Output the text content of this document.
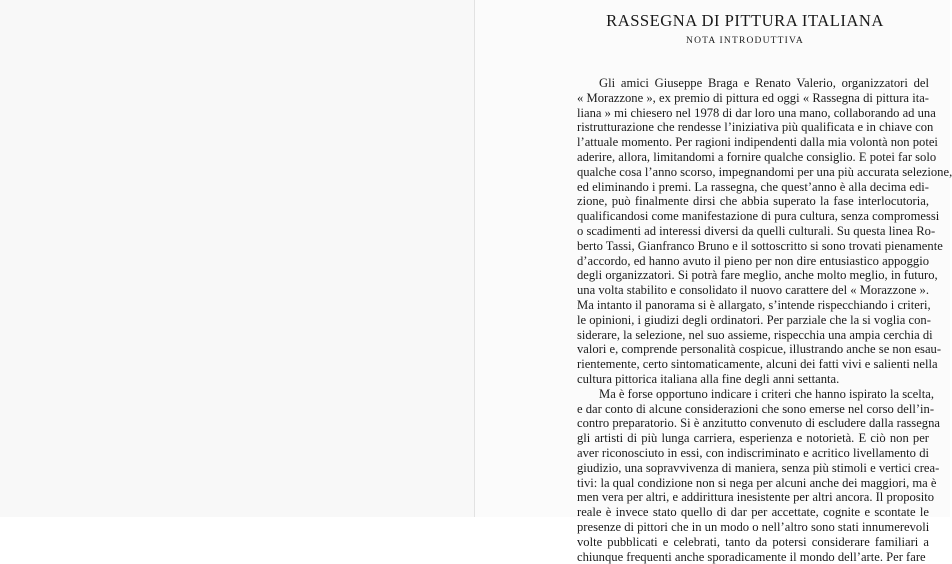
RASSEGNA DI PITTURA ITALIANA
NOTA INTRODUTTIVA
Gli amici Giuseppe Braga e Renato Valerio, organizzatori del
« Morazzone », ex premio di pittura ed oggi « Rassegna di pittura ita-
liana » mi chiesero nel 1978 di dar loro una mano, collaborando ad una
ristrutturazione che rendesse l’iniziativa più qualificata e in chiave con
l’attuale momento. Per ragioni indipendenti dalla mia volontà non potei
aderire, allora, limitandomi a fornire qualche consiglio. E potei far solo
qualche cosa l’anno scorso, impegnandomi per una più accurata selezione,
ed eliminando i premi. La rassegna, che quest’anno è alla decima edi-
zione, può finalmente dirsi che abbia superato la fase interlocutoria,
qualificandosi come manifestazione di pura cultura, senza compromessi
o scadimenti ad interessi diversi da quelli culturali. Su questa linea Ro-
berto Tassi, Gianfranco Bruno e il sottoscritto si sono trovati pienamente
d’accordo, ed hanno avuto il pieno per non dire entusiastico appoggio
degli organizzatori. Si potrà fare meglio, anche molto meglio, in futuro,
una volta stabilito e consolidato il nuovo carattere del « Morazzone ».
Ma intanto il panorama si è allargato, s’intende rispecchiando i criteri,
le opinioni, i giudizi degli ordinatori. Per parziale che la si voglia con-
siderare, la selezione, nel suo assieme, rispecchia una ampia cerchia di
valori e, comprende personalità cospicue, illustrando anche se non esau-
rientemente, certo sintomaticamente, alcuni dei fatti vivi e salienti nella
cultura pittorica italiana alla fine degli anni settanta.
Ma è forse opportuno indicare i criteri che hanno ispirato la scelta,
e dar conto di alcune considerazioni che sono emerse nel corso dell’in-
contro preparatorio. Si è anzitutto convenuto di escludere dalla rassegna
gli artisti di più lunga carriera, esperienza e notorietà. E ciò non per
aver riconosciuto in essi, con indiscriminato e acritico livellamento di
giudizio, una sopravvivenza di maniera, senza più stimoli e vertici crea-
tivi: la qual condizione non si nega per alcuni anche dei maggiori, ma è
men vera per altri, e addirittura inesistente per altri ancora. Il proposito
reale è invece stato quello di dar per accettate, cognite e scontate le
presenze di pittori che in un modo o nell’altro sono stati innumerevoli
volte pubblicati e celebrati, tanto da potersi considerare familiari a
chiunque frequenti anche sporadicamente il mondo dell’arte. Per fare
